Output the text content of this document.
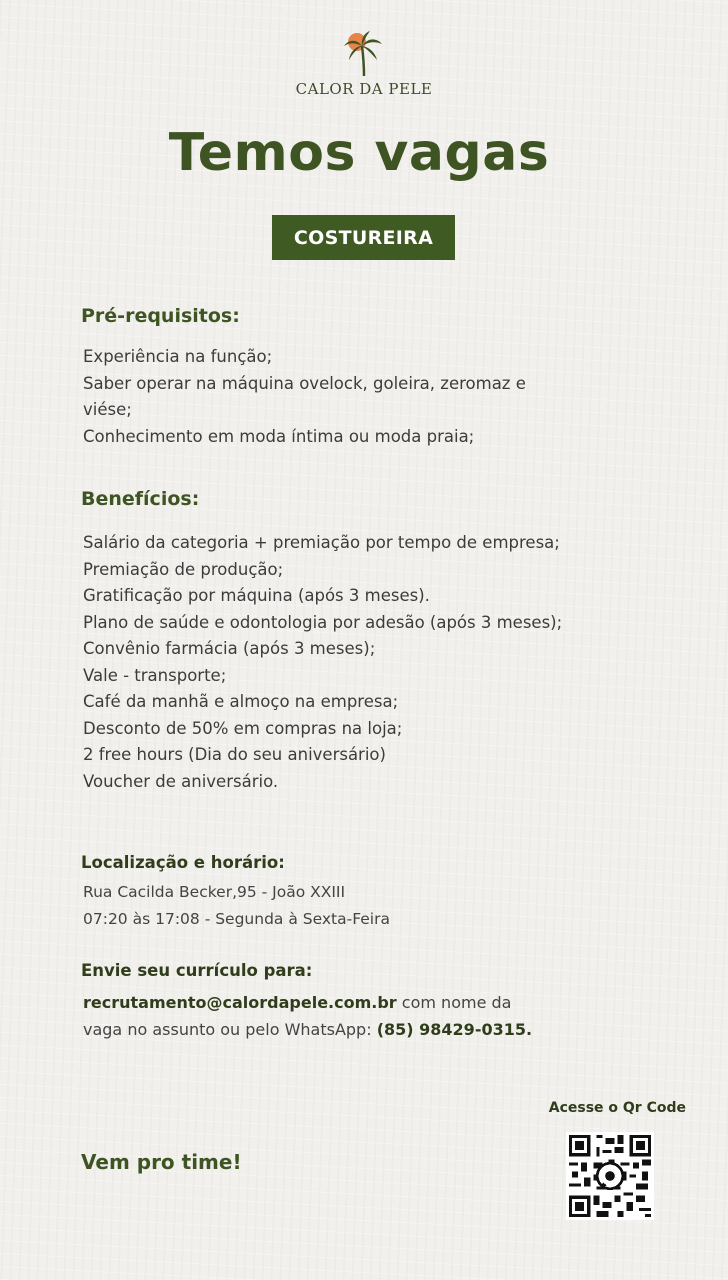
CALOR DA PELE
Temos vagas
COSTUREIRA
Pré-requisitos:
Experiência na função;
Saber operar na máquina ovelock, goleira, zeromaz e
viése;
Conhecimento em moda íntima ou moda praia;
Benefícios:
Salário da categoria + premiação por tempo de empresa;
Premiação de produção;
Gratificação por máquina (após 3 meses).
Plano de saúde e odontologia por adesão (após 3 meses);
Convênio farmácia (após 3 meses);
Vale - transporte;
Café da manhã e almoço na empresa;
Desconto de 50% em compras na loja;
2 free hours (Dia do seu aniversário)
Voucher de aniversário.
Localização e horário:
Rua Cacilda Becker,95 - João XXIII
07:20 às 17:08 - Segunda à Sexta-Feira
Envie seu currículo para:
recrutamento@calordapele.com.br com nome da
vaga no assunto ou pelo WhatsApp: (85) 98429-0315.
Acesse o Qr Code
Vem pro time!
